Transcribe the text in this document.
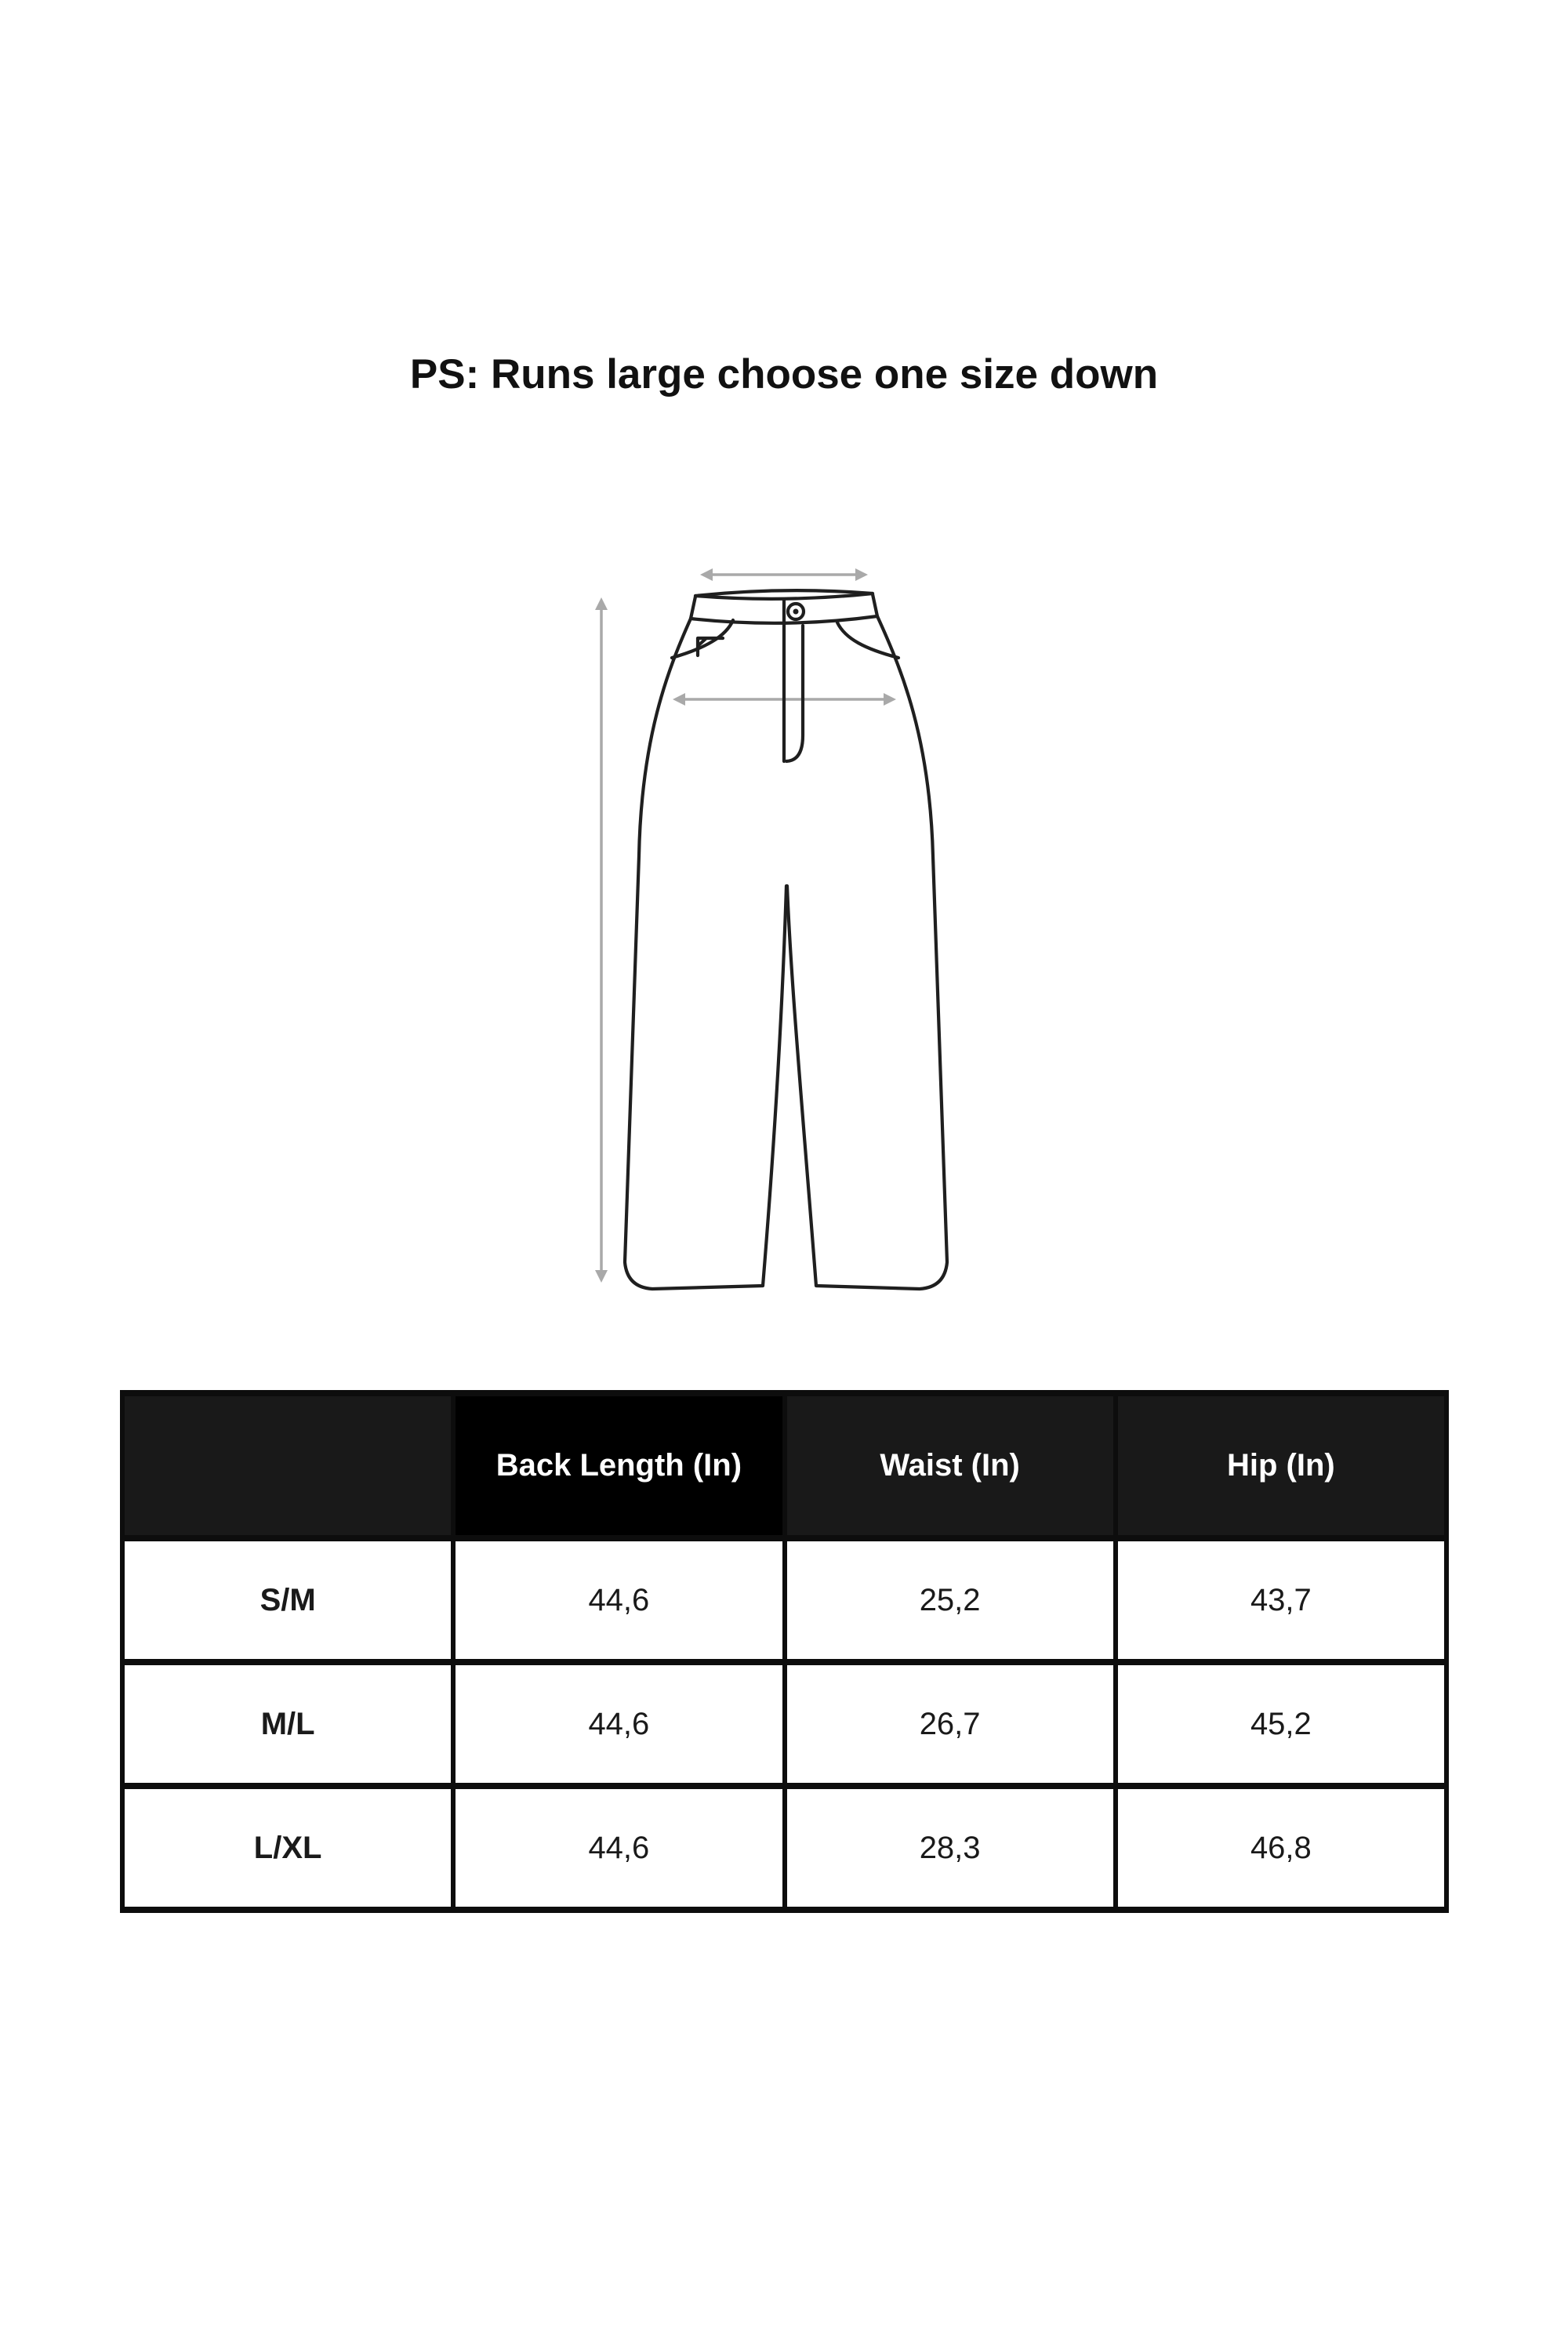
PS: Runs large choose one size down
	Back Length (In)	Waist (In)	Hip (In)
S/M	44,6	25,2	43,7
M/L	44,6	26,7	45,2
L/XL	44,6	28,3	46,8
